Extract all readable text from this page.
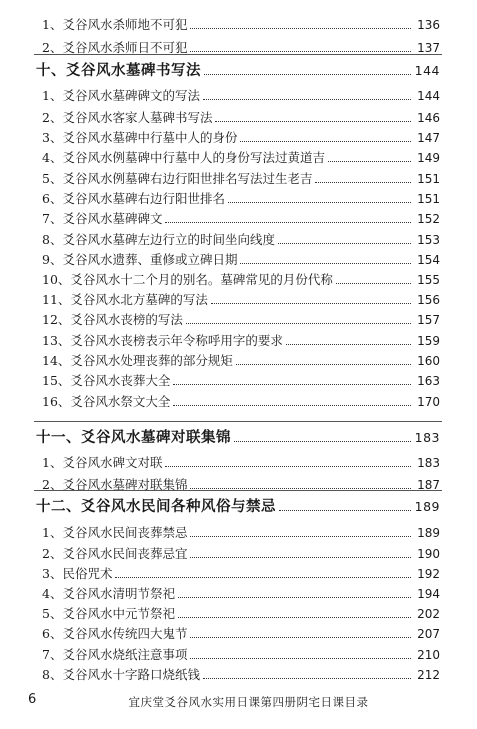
1、爻谷风水杀师地不可犯	136
2、爻谷风水杀师日不可犯	137
十、爻谷风水墓碑书写法	144
1、爻谷风水墓碑碑文的写法	144
2、爻谷风水客家人墓碑书写法	146
3、爻谷风水墓碑中行墓中人的身份	147
4、爻谷风水例墓碑中行墓中人的身份写法过黄道吉	149
5、爻谷风水例墓碑右边行阳世排名写法过生老吉	151
6、爻谷风水墓碑右边行阳世排名	151
7、爻谷风水墓碑碑文	152
8、爻谷风水墓碑左边行立的时间坐向线度	153
9、爻谷风水遗葬、重修或立碑日期	154
10、爻谷风水十二个月的别名。墓碑常见的月份代称	155
11、爻谷风水北方墓碑的写法	156
12、爻谷风水丧榜的写法	157
13、爻谷风水丧榜表示年令称呼用字的要求	159
14、爻谷风水处理丧葬的部分规矩	160
15、爻谷风水丧葬大全	163
16、爻谷风水祭文大全	170
十一、爻谷风水墓碑对联集锦	183
1、爻谷风水碑文对联	183
2、爻谷风水墓碑对联集锦	187
十二、爻谷风水民间各种风俗与禁忌	189
1、爻谷风水民间丧葬禁忌	189
2、爻谷风水民间丧葬忌宜	190
3、民俗咒术	192
4、爻谷风水清明节祭祀	194
5、爻谷风水中元节祭祀	202
6、爻谷风水传统四大鬼节	207
7、爻谷风水烧纸注意事项	210
8、爻谷风水十字路口烧纸钱	212
6	宜庆堂爻谷风水实用日课第四册阴宅日课目录
